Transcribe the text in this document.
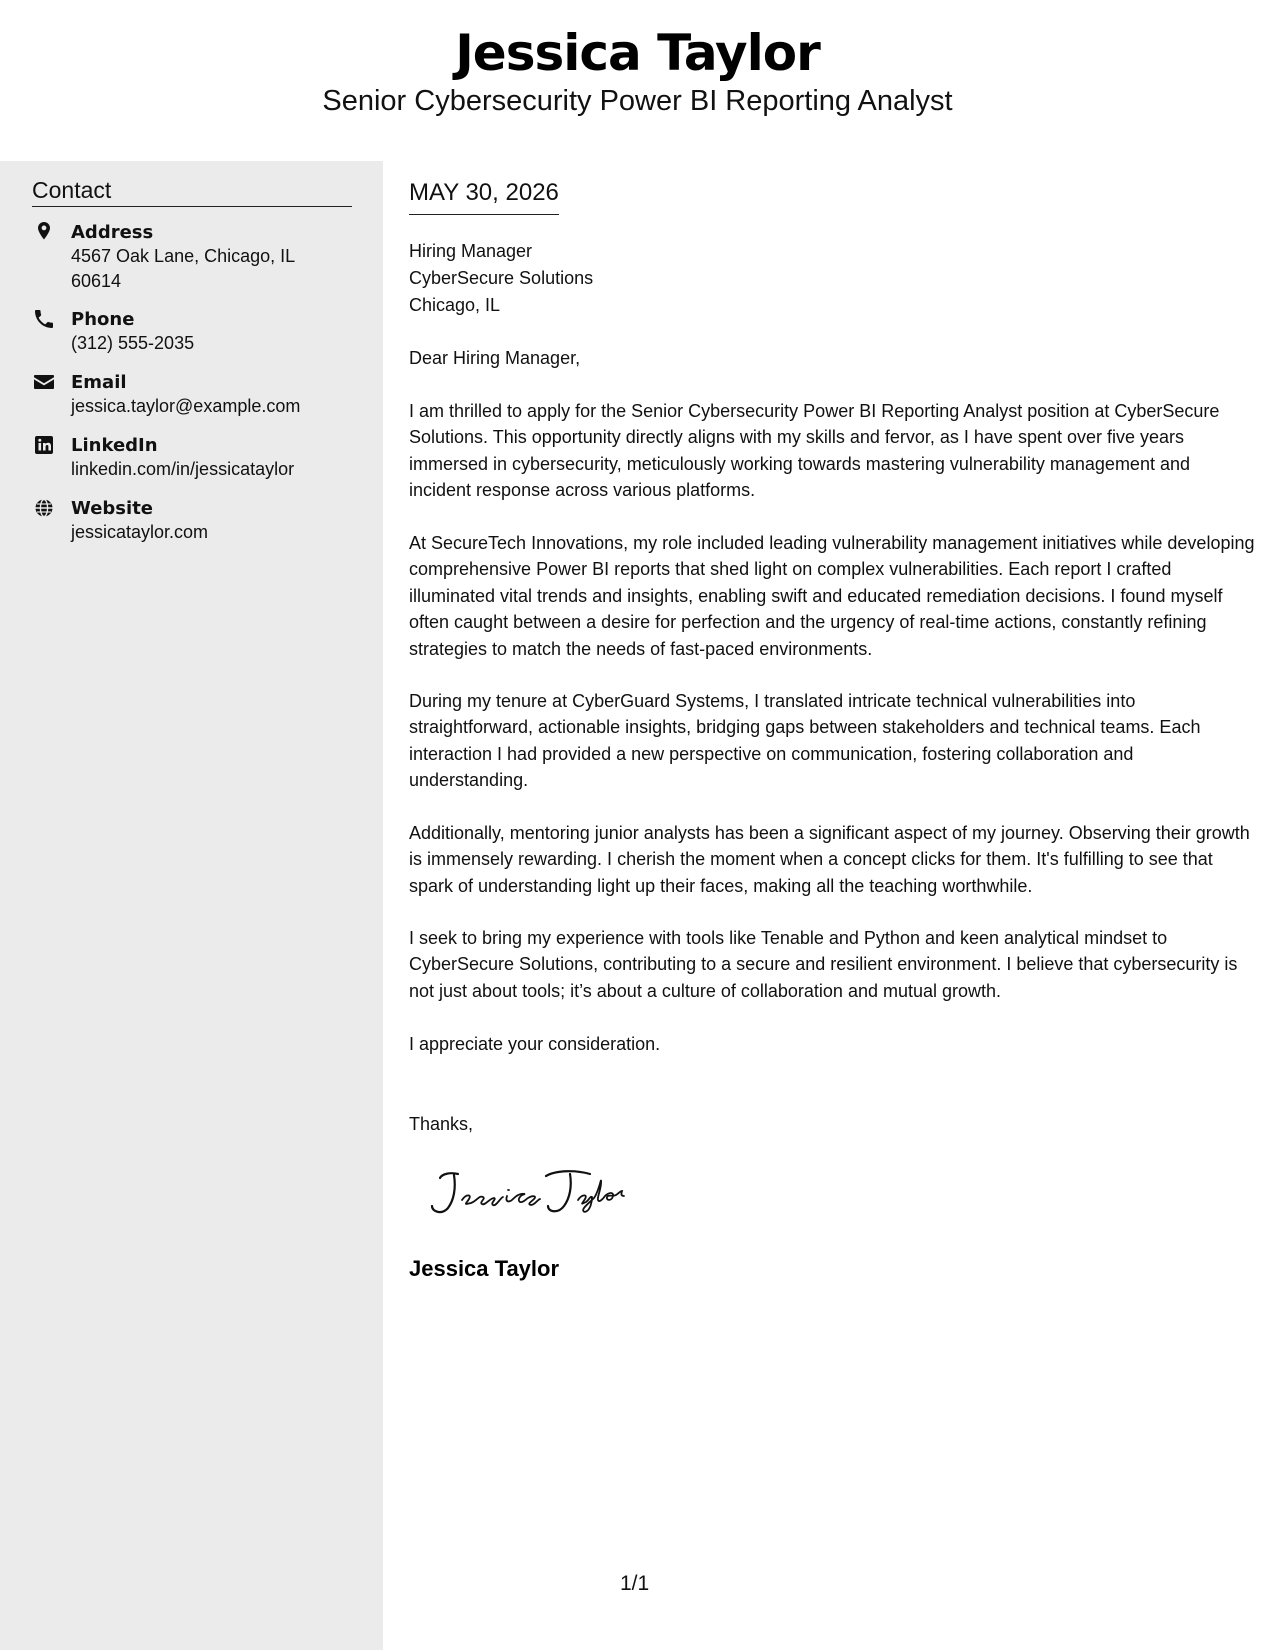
Jessica Taylor
Senior Cybersecurity Power BI Reporting Analyst
Contact
Address
4567 Oak Lane, Chicago, IL 60614
Phone
(312) 555-2035
Email
jessica.taylor@example.com
LinkedIn
linkedin.com/in/jessicataylor
Website
jessicataylor.com
MAY 30, 2026
Hiring Manager
CyberSecure Solutions
Chicago, IL
Dear Hiring Manager,
I am thrilled to apply for the Senior Cybersecurity Power BI Reporting Analyst position at CyberSecure Solutions. This opportunity directly aligns with my skills and fervor, as I have spent over five years immersed in cybersecurity, meticulously working towards mastering vulnerability management and incident response across various platforms.
At SecureTech Innovations, my role included leading vulnerability management initiatives while developing comprehensive Power BI reports that shed light on complex vulnerabilities. Each report I crafted illuminated vital trends and insights, enabling swift and educated remediation decisions. I found myself often caught between a desire for perfection and the urgency of real-time actions, constantly refining strategies to match the needs of fast-paced environments.
During my tenure at CyberGuard Systems, I translated intricate technical vulnerabilities into straightforward, actionable insights, bridging gaps between stakeholders and technical teams. Each interaction I had provided a new perspective on communication, fostering collaboration and understanding.
Additionally, mentoring junior analysts has been a significant aspect of my journey. Observing their growth is immensely rewarding. I cherish the moment when a concept clicks for them. It's fulfilling to see that spark of understanding light up their faces, making all the teaching worthwhile.
I seek to bring my experience with tools like Tenable and Python and keen analytical mindset to CyberSecure Solutions, contributing to a secure and resilient environment. I believe that cybersecurity is not just about tools; it’s about a culture of collaboration and mutual growth.
I appreciate your consideration.
Thanks,
Jessica Taylor
1/1
